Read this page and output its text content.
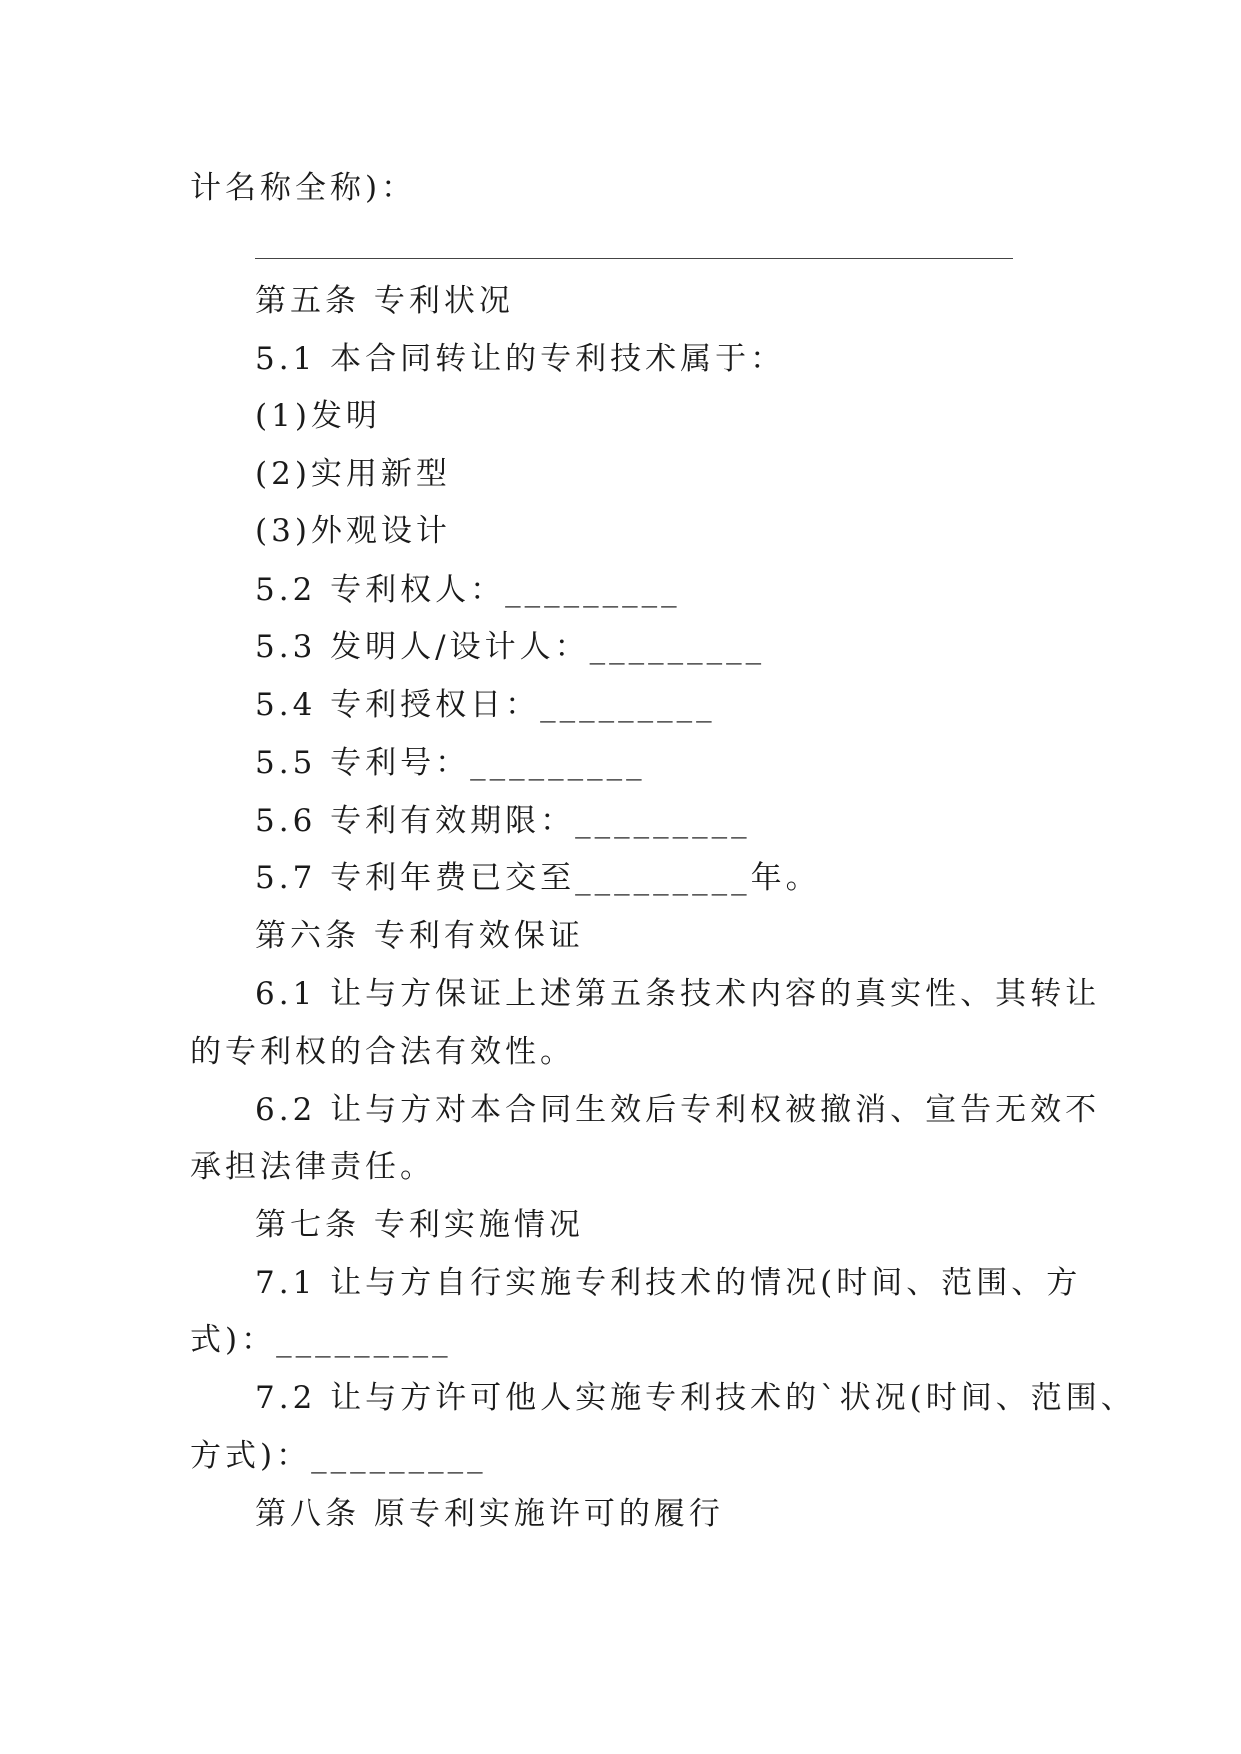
计名称全称)：
第五条 专利状况
5.1 本合同转让的专利技术属于：
(1)发明
(2)实用新型
(3)外观设计
5.2 专利权人：_________
5.3 发明人/设计人：_________
5.4 专利授权日：_________
5.5 专利号：_________
5.6 专利有效期限：_________
5.7 专利年费已交至_________年。
第六条 专利有效保证
6.1 让与方保证上述第五条技术内容的真实性、其转让
的专利权的合法有效性。
6.2 让与方对本合同生效后专利权被撤消、宣告无效不
承担法律责任。
第七条 专利实施情况
7.1 让与方自行实施专利技术的情况(时间、范围、方
式)：_________
7.2 让与方许可他人实施专利技术的`状况(时间、范围、
方式)：_________
第八条 原专利实施许可的履行
